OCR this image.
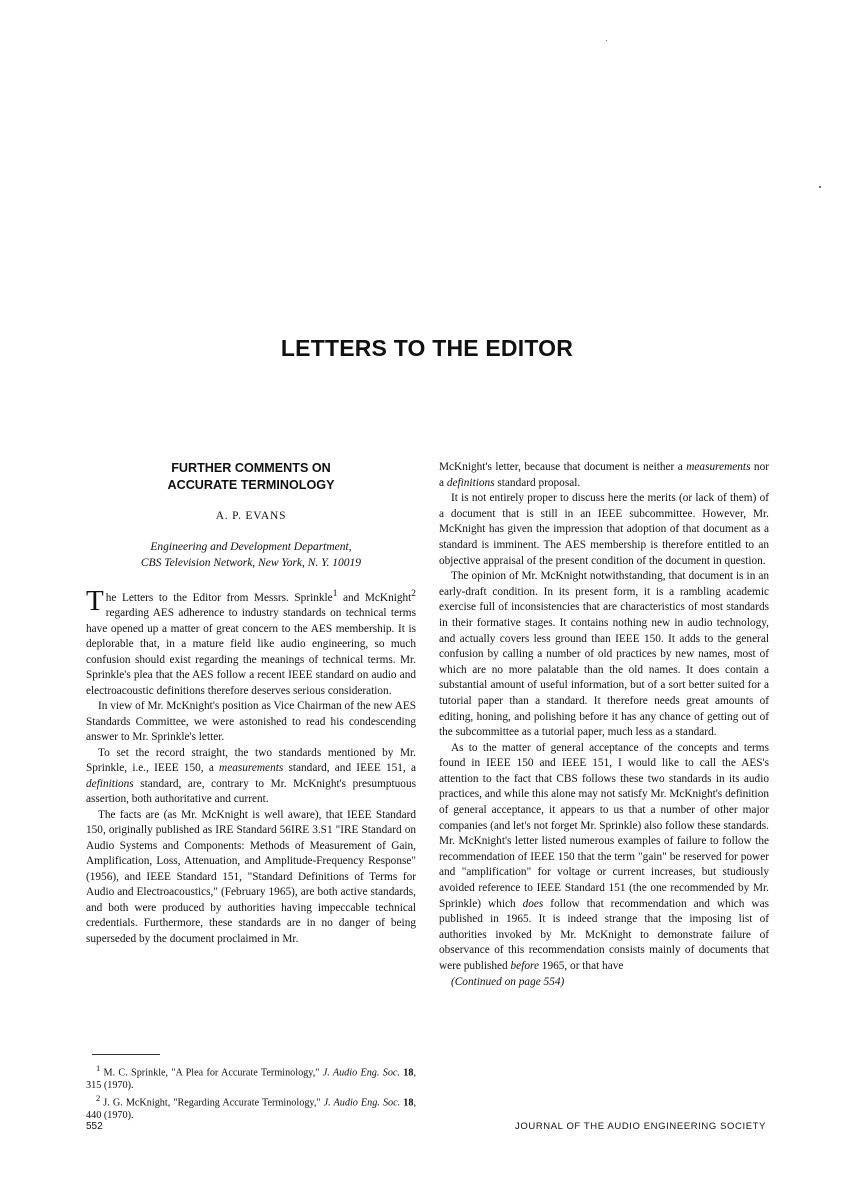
LETTERS TO THE EDITOR
FURTHER COMMENTS ON
ACCURATE TERMINOLOGY

A. P. EVANS

Engineering and Development Department,
CBS Television Network, New York, N. Y. 10019

The Letters to the Editor from Messrs. Sprinkle$^1$ and McKnight$^2$ regarding AES adherence to industry standards on technical terms have opened up a matter of great concern to the AES membership. It is deplorable that, in a mature field like audio engineering, so much confusion should exist regarding the meanings of technical terms. Mr. Sprinkle's plea that the AES follow a recent IEEE standard on audio and electroacoustic definitions therefore deserves serious consideration.

In view of Mr. McKnight's position as Vice Chairman of the new AES Standards Committee, we were astonished to read his condescending answer to Mr. Sprinkle's letter.

To set the record straight, the two standards mentioned by Mr. Sprinkle, i.e., IEEE 150, a measurements standard, and IEEE 151, a definitions standard, are, contrary to Mr. McKnight's presumptuous assertion, both authoritative and current.

The facts are (as Mr. McKnight is well aware), that IEEE Standard 150, originally published as IRE Standard 56IRE 3.S1 "IRE Standard on Audio Systems and Components: Methods of Measurement of Gain, Amplification, Loss, Attenuation, and Amplitude-Frequency Response" (1956), and IEEE Standard 151, "Standard Definitions of Terms for Audio and Electroacoustics," (February 1965), are both active standards, and both were produced by authorities having impeccable technical credentials. Furthermore, these standards are in no danger of being superseded by the document proclaimed in Mr.

McKnight's letter, because that document is neither a measurements nor a definitions standard proposal.

It is not entirely proper to discuss here the merits (or lack of them) of a document that is still in an IEEE subcommittee. However, Mr. McKnight has given the impression that adoption of that document as a standard is imminent. The AES membership is therefore entitled to an objective appraisal of the present condition of the document in question.

The opinion of Mr. McKnight notwithstanding, that document is in an early-draft condition. In its present form, it is a rambling academic exercise full of inconsistencies that are characteristics of most standards in their formative stages. It contains nothing new in audio technology, and actually covers less ground than IEEE 150. It adds to the general confusion by calling a number of old practices by new names, most of which are no more palatable than the old names. It does contain a substantial amount of useful information, but of a sort better suited for a tutorial paper than a standard. It therefore needs great amounts of editing, honing, and polishing before it has any chance of getting out of the subcommittee as a tutorial paper, much less as a standard.

As to the matter of general acceptance of the concepts and terms found in IEEE 150 and IEEE 151, I would like to call the AES's attention to the fact that CBS follows these two standards in its audio practices, and while this alone may not satisfy Mr. McKnight's definition of general acceptance, it appears to us that a number of other major companies (and let's not forget Mr. Sprinkle) also follow these standards. Mr. McKnight's letter listed numerous examples of failure to follow the recommendation of IEEE 150 that the term "gain" be reserved for power and "amplification" for voltage or current increases, but studiously avoided reference to IEEE Standard 151 (the one recommended by Mr. Sprinkle) which does follow that recommendation and which was published in 1965. It is indeed strange that the imposing list of authorities invoked by Mr. McKnight to demonstrate failure of observance of this recommendation consists mainly of documents that were published before 1965, or that have

(Continued on page 554)

$^1$ M. C. Sprinkle, "A Plea for Accurate Terminology," J. Audio Eng. Soc. 18, 315 (1970).

$^2$ J. G. McKnight, "Regarding Accurate Terminology," J. Audio Eng. Soc. 18, 440 (1970).

552	JOURNAL OF THE AUDIO ENGINEERING SOCIETY
